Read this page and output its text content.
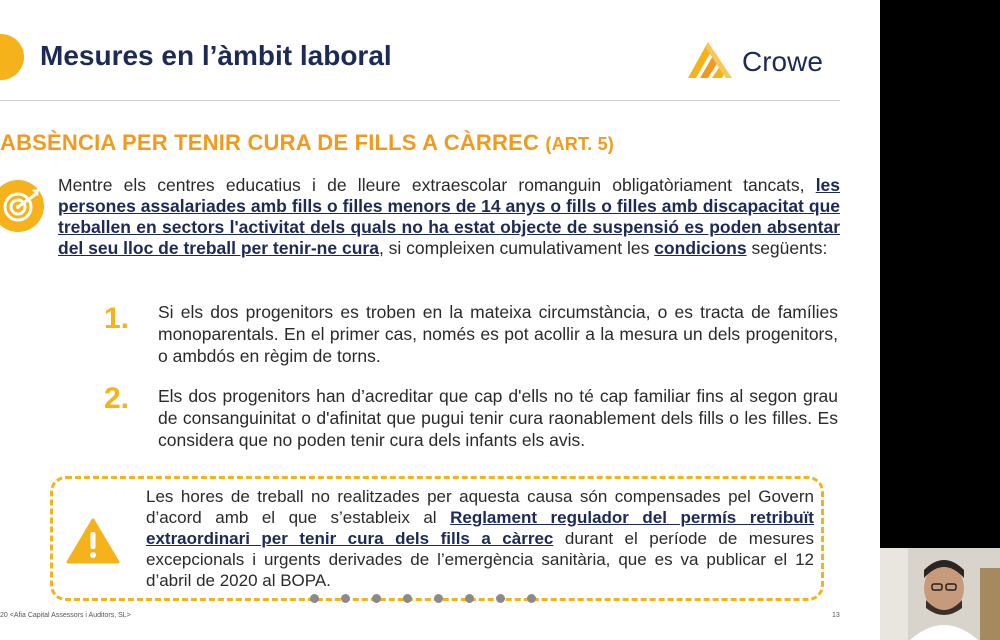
Mesures en l’àmbit laboral	Crowe
ABSÈNCIA PER TENIR CURA DE FILLS A CÀRREC (ART. 5)
Mentre els centres educatius i de lleure extraescolar romanguin obligatòriament tancats, les persones assalariades amb fills o filles menors de 14 anys o fills o filles amb discapacitat que treballen en sectors l'activitat dels quals no ha estat objecte de suspensió es poden absentar del seu lloc de treball per tenir-ne cura, si compleixen cumulativament les condicions següents:
1. Si els dos progenitors es troben en la mateixa circumstància, o es tracta de famílies monoparentals. En el primer cas, només es pot acollir a la mesura un dels progenitors, o ambdós en règim de torns.
2. Els dos progenitors han d’acreditar que cap d'ells no té cap familiar fins al segon grau de consanguinitat o d'afinitat que pugui tenir cura raonablement dels fills o les filles. Es considera que no poden tenir cura dels infants els avis.
Les hores de treball no realitzades per aquesta causa són compensades pel Govern d’acord amb el que s’estableix al Reglament regulador del permís retribuït extraordinari per tenir cura dels fills a càrrec durant el període de mesures excepcionals i urgents derivades de l’emergència sanitària, que es va publicar el 12 d’abril de 2020 al BOPA.
20 <Afia Capital Assessors i Auditors, SL>	13
